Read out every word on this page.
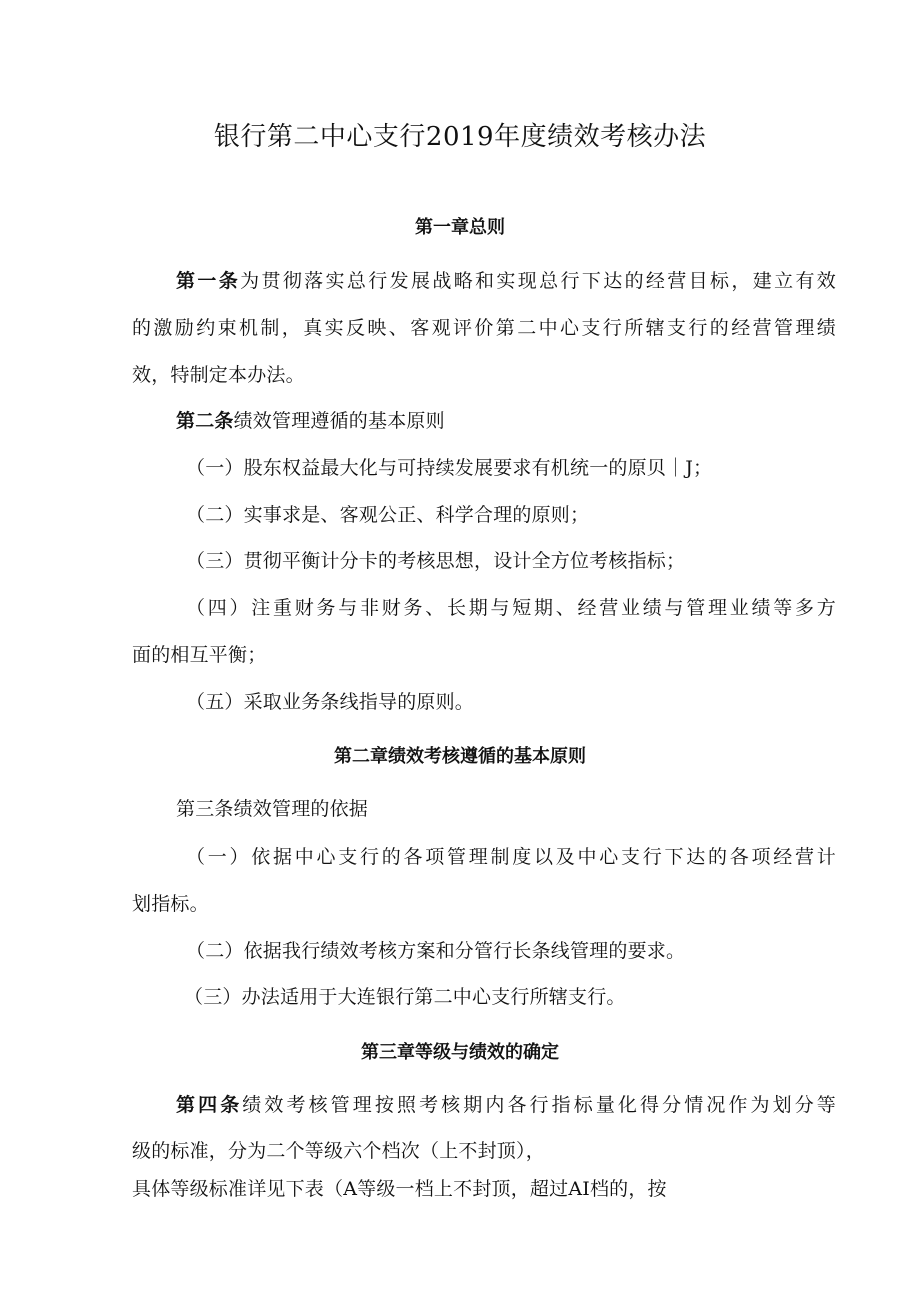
银行第二中心支行2019年度绩效考核办法
第一章总则
第一条为贯彻落实总行发展战略和实现总行下达的经营目标，建立有效
的激励约束机制，真实反映、客观评价第二中心支行所辖支行的经营管理绩
效，特制定本办法。
第二条绩效管理遵循的基本原则
（一）股东权益最大化与可持续发展要求有机统一的原贝｜J；
（二）实事求是、客观公正、科学合理的原则；
（三）贯彻平衡计分卡的考核思想，设计全方位考核指标；
（四）注重财务与非财务、长期与短期、经营业绩与管理业绩等多方
面的相互平衡；
（五）采取业务条线指导的原则。
第二章绩效考核遵循的基本原则
第三条绩效管理的依据
（一）依据中心支行的各项管理制度以及中心支行下达的各项经营计
划指标。
（二）依据我行绩效考核方案和分管行长条线管理的要求。
（三）办法适用于大连银行第二中心支行所辖支行。
第三章等级与绩效的确定
第四条绩效考核管理按照考核期内各行指标量化得分情况作为划分等
级的标准，分为二个等级六个档次（上不封顶），
具体等级标准详见下表（A等级一档上不封顶，超过AI档的，按
